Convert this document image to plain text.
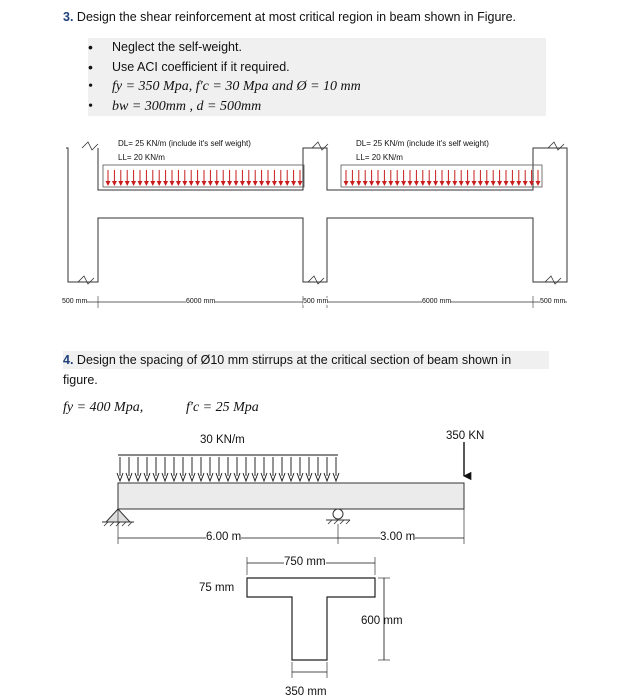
3. Design the shear reinforcement at most critical region in beam shown in Figure.
• Neglect the self-weight.
• Use ACI coefficient if it required.
• fy = 350 Mpa, f′c = 30 Mpa and Ø = 10 mm
• bw = 300mm , d = 500mm
DL= 25 KN/m (include it's self weight)
LL= 20 KN/m
DL= 25 KN/m (include it's self weight)
LL= 20 KN/m
500 mm	6000 mm	500 mm	6000 mm	500 mm
4. Design the spacing of Ø10 mm stirrups at the critical section of beam shown in
figure.
fy = 400 Mpa,	f′c = 25 Mpa
30 KN/m	350 KN
6.00 m	3.00 m
750 mm
75 mm
600 mm
350 mm
